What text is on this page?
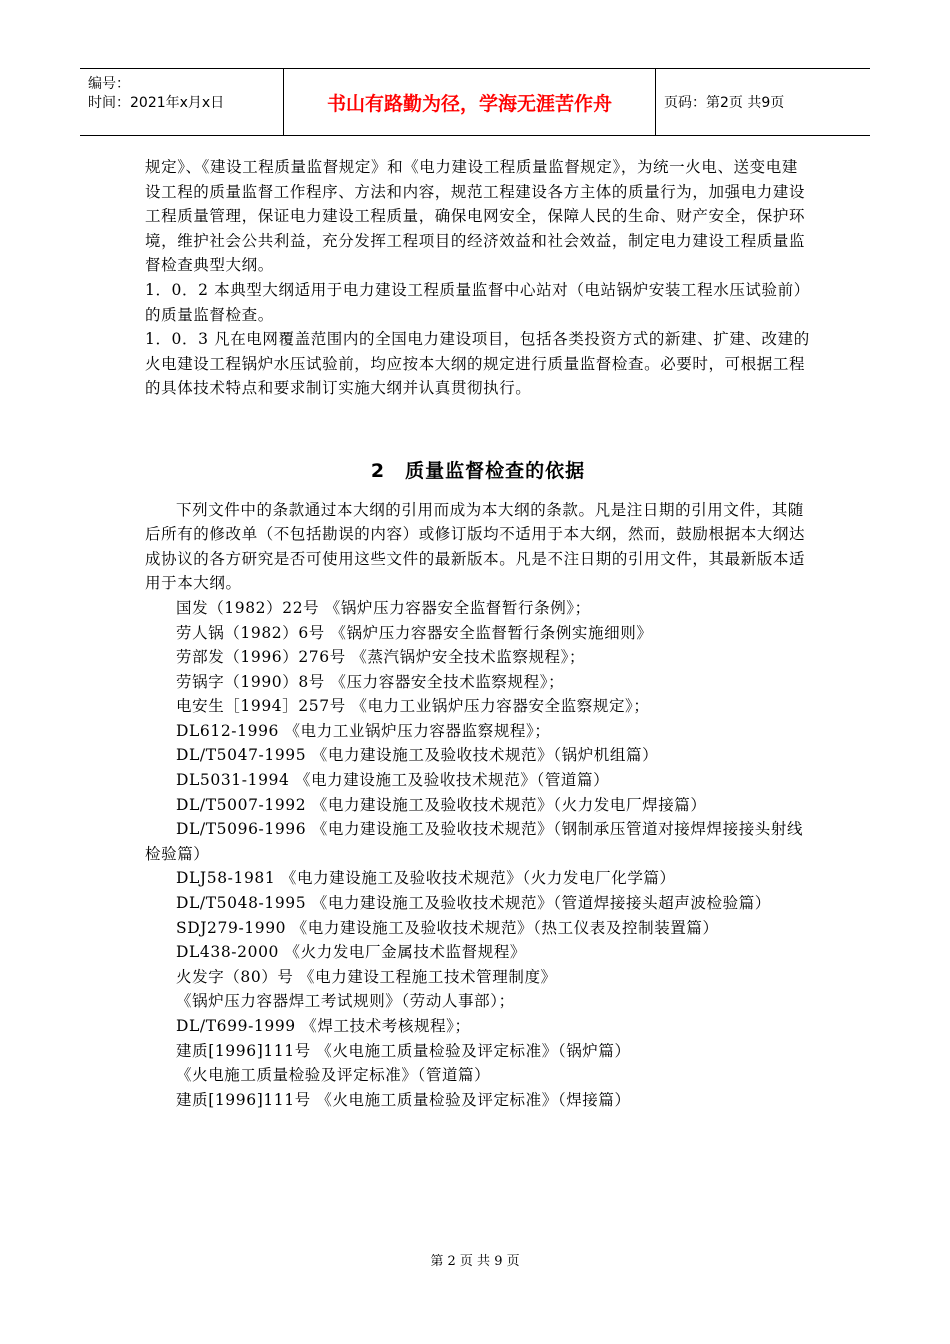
编号：
时间：2021年x月x日	书山有路勤为径，学海无涯苦作舟	页码：第2页 共9页

规定》、《建设工程质量监督规定》和《电力建设工程质量监督规定》，为统一火电、送变电建设工程的质量监督工作程序、方法和内容，规范工程建设各方主体的质量行为，加强电力建设工程质量管理，保证电力建设工程质量，确保电网安全，保障人民的生命、财产安全，保护环境，维护社会公共利益，充分发挥工程项目的经济效益和社会效益，制定电力建设工程质量监督检查典型大纲。

1．0．2 本典型大纲适用于电力建设工程质量监督中心站对（电站锅炉安装工程水压试验前）的质量监督检查。

1．0．3 凡在电网覆盖范围内的全国电力建设项目，包括各类投资方式的新建、扩建、改建的火电建设工程锅炉水压试验前，均应按本大纲的规定进行质量监督检查。必要时，可根据工程的具体技术特点和要求制订实施大纲并认真贯彻执行。

2 质量监督检查的依据

下列文件中的条款通过本大纲的引用而成为本大纲的条款。凡是注日期的引用文件，其随后所有的修改单（不包括勘误的内容）或修订版均不适用于本大纲，然而，鼓励根据本大纲达成协议的各方研究是否可使用这些文件的最新版本。凡是不注日期的引用文件，其最新版本适用于本大纲。

国发（1982）22号 《锅炉压力容器安全监督暂行条例》；

劳人锅（1982）6号 《锅炉压力容器安全监督暂行条例实施细则》

劳部发（1996）276号 《蒸汽锅炉安全技术监察规程》；

劳锅字（1990）8号 《压力容器安全技术监察规程》；

电安生［1994］257号 《电力工业锅炉压力容器安全监察规定》；

DL612-1996 《电力工业锅炉压力容器监察规程》；

DL/T5047-1995 《电力建设施工及验收技术规范》（锅炉机组篇）

DL5031-1994 《电力建设施工及验收技术规范》（管道篇）

DL/T5007-1992 《电力建设施工及验收技术规范》（火力发电厂焊接篇）

DL/T5096-1996 《电力建设施工及验收技术规范》（钢制承压管道对接焊焊接接头射线检验篇）

DLJ58-1981 《电力建设施工及验收技术规范》（火力发电厂化学篇）

DL/T5048-1995 《电力建设施工及验收技术规范》（管道焊接接头超声波检验篇）

SDJ279-1990 《电力建设施工及验收技术规范》（热工仪表及控制装置篇）

DL438-2000 《火力发电厂金属技术监督规程》

火发字（80）号 《电力建设工程施工技术管理制度》

《锅炉压力容器焊工考试规则》（劳动人事部）；

DL/T699-1999 《焊工技术考核规程》；

建质[1996]111号 《火电施工质量检验及评定标准》（锅炉篇）

《火电施工质量检验及评定标准》（管道篇）

建质[1996]111号 《火电施工质量检验及评定标准》（焊接篇）

第 2 页 共 9 页
